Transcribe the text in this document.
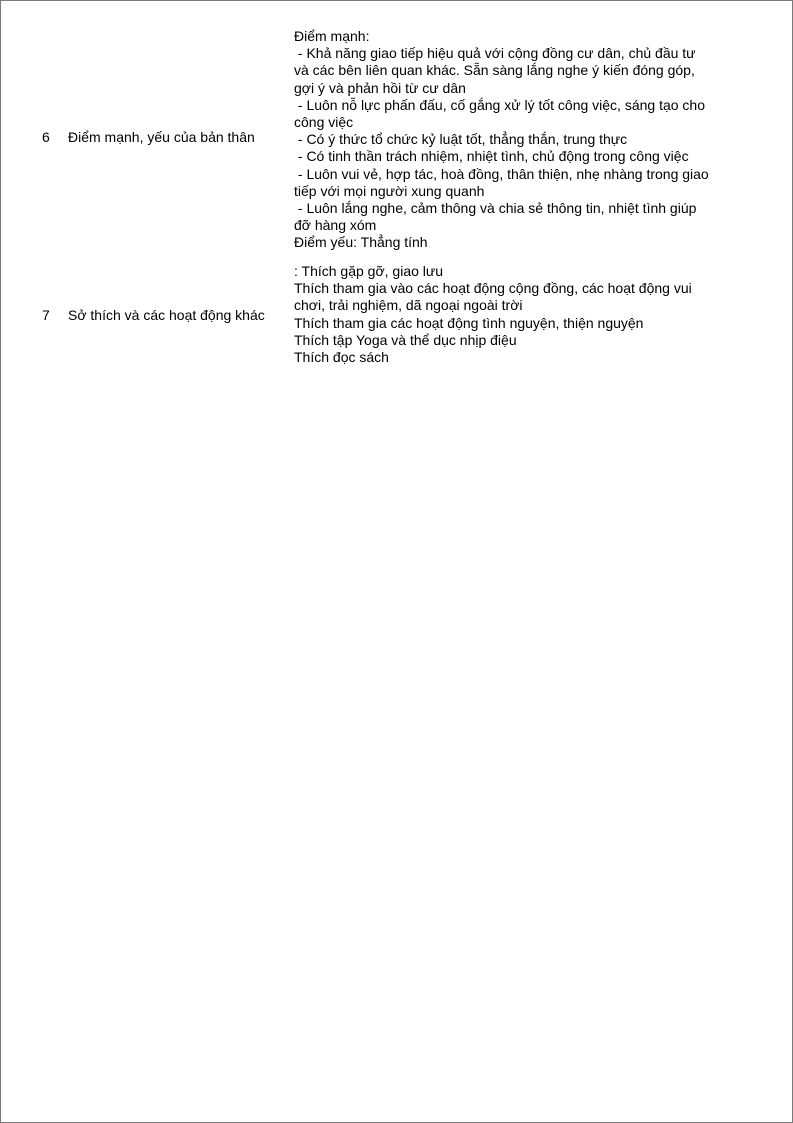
6 Điểm mạnh, yếu của bản thân
Điểm mạnh:
- Khả năng giao tiếp hiệu quả với cộng đồng cư dân, chủ đầu tư
và các bên liên quan khác. Sẵn sàng lắng nghe ý kiến đóng góp,
gợi ý và phản hồi từ cư dân
- Luôn nỗ lực phấn đấu, cố gắng xử lý tốt công việc, sáng tạo cho
công việc
- Có ý thức tổ chức kỷ luật tốt, thẳng thắn, trung thực
- Có tinh thần trách nhiệm, nhiệt tình, chủ động trong công việc
- Luôn vui vẻ, hợp tác, hoà đồng, thân thiện, nhẹ nhàng trong giao
tiếp với mọi người xung quanh
- Luôn lắng nghe, cảm thông và chia sẻ thông tin, nhiệt tình giúp
đỡ hàng xóm
Điểm yếu: Thẳng tính
7 Sở thích và các hoạt động khác
: Thích gặp gỡ, giao lưu
Thích tham gia vào các hoạt động cộng đồng, các hoạt động vui
chơi, trải nghiệm, dã ngoại ngoài trời
Thích tham gia các hoạt động tình nguyện, thiện nguyện
Thích tập Yoga và thể dục nhịp điệu
Thích đọc sách
